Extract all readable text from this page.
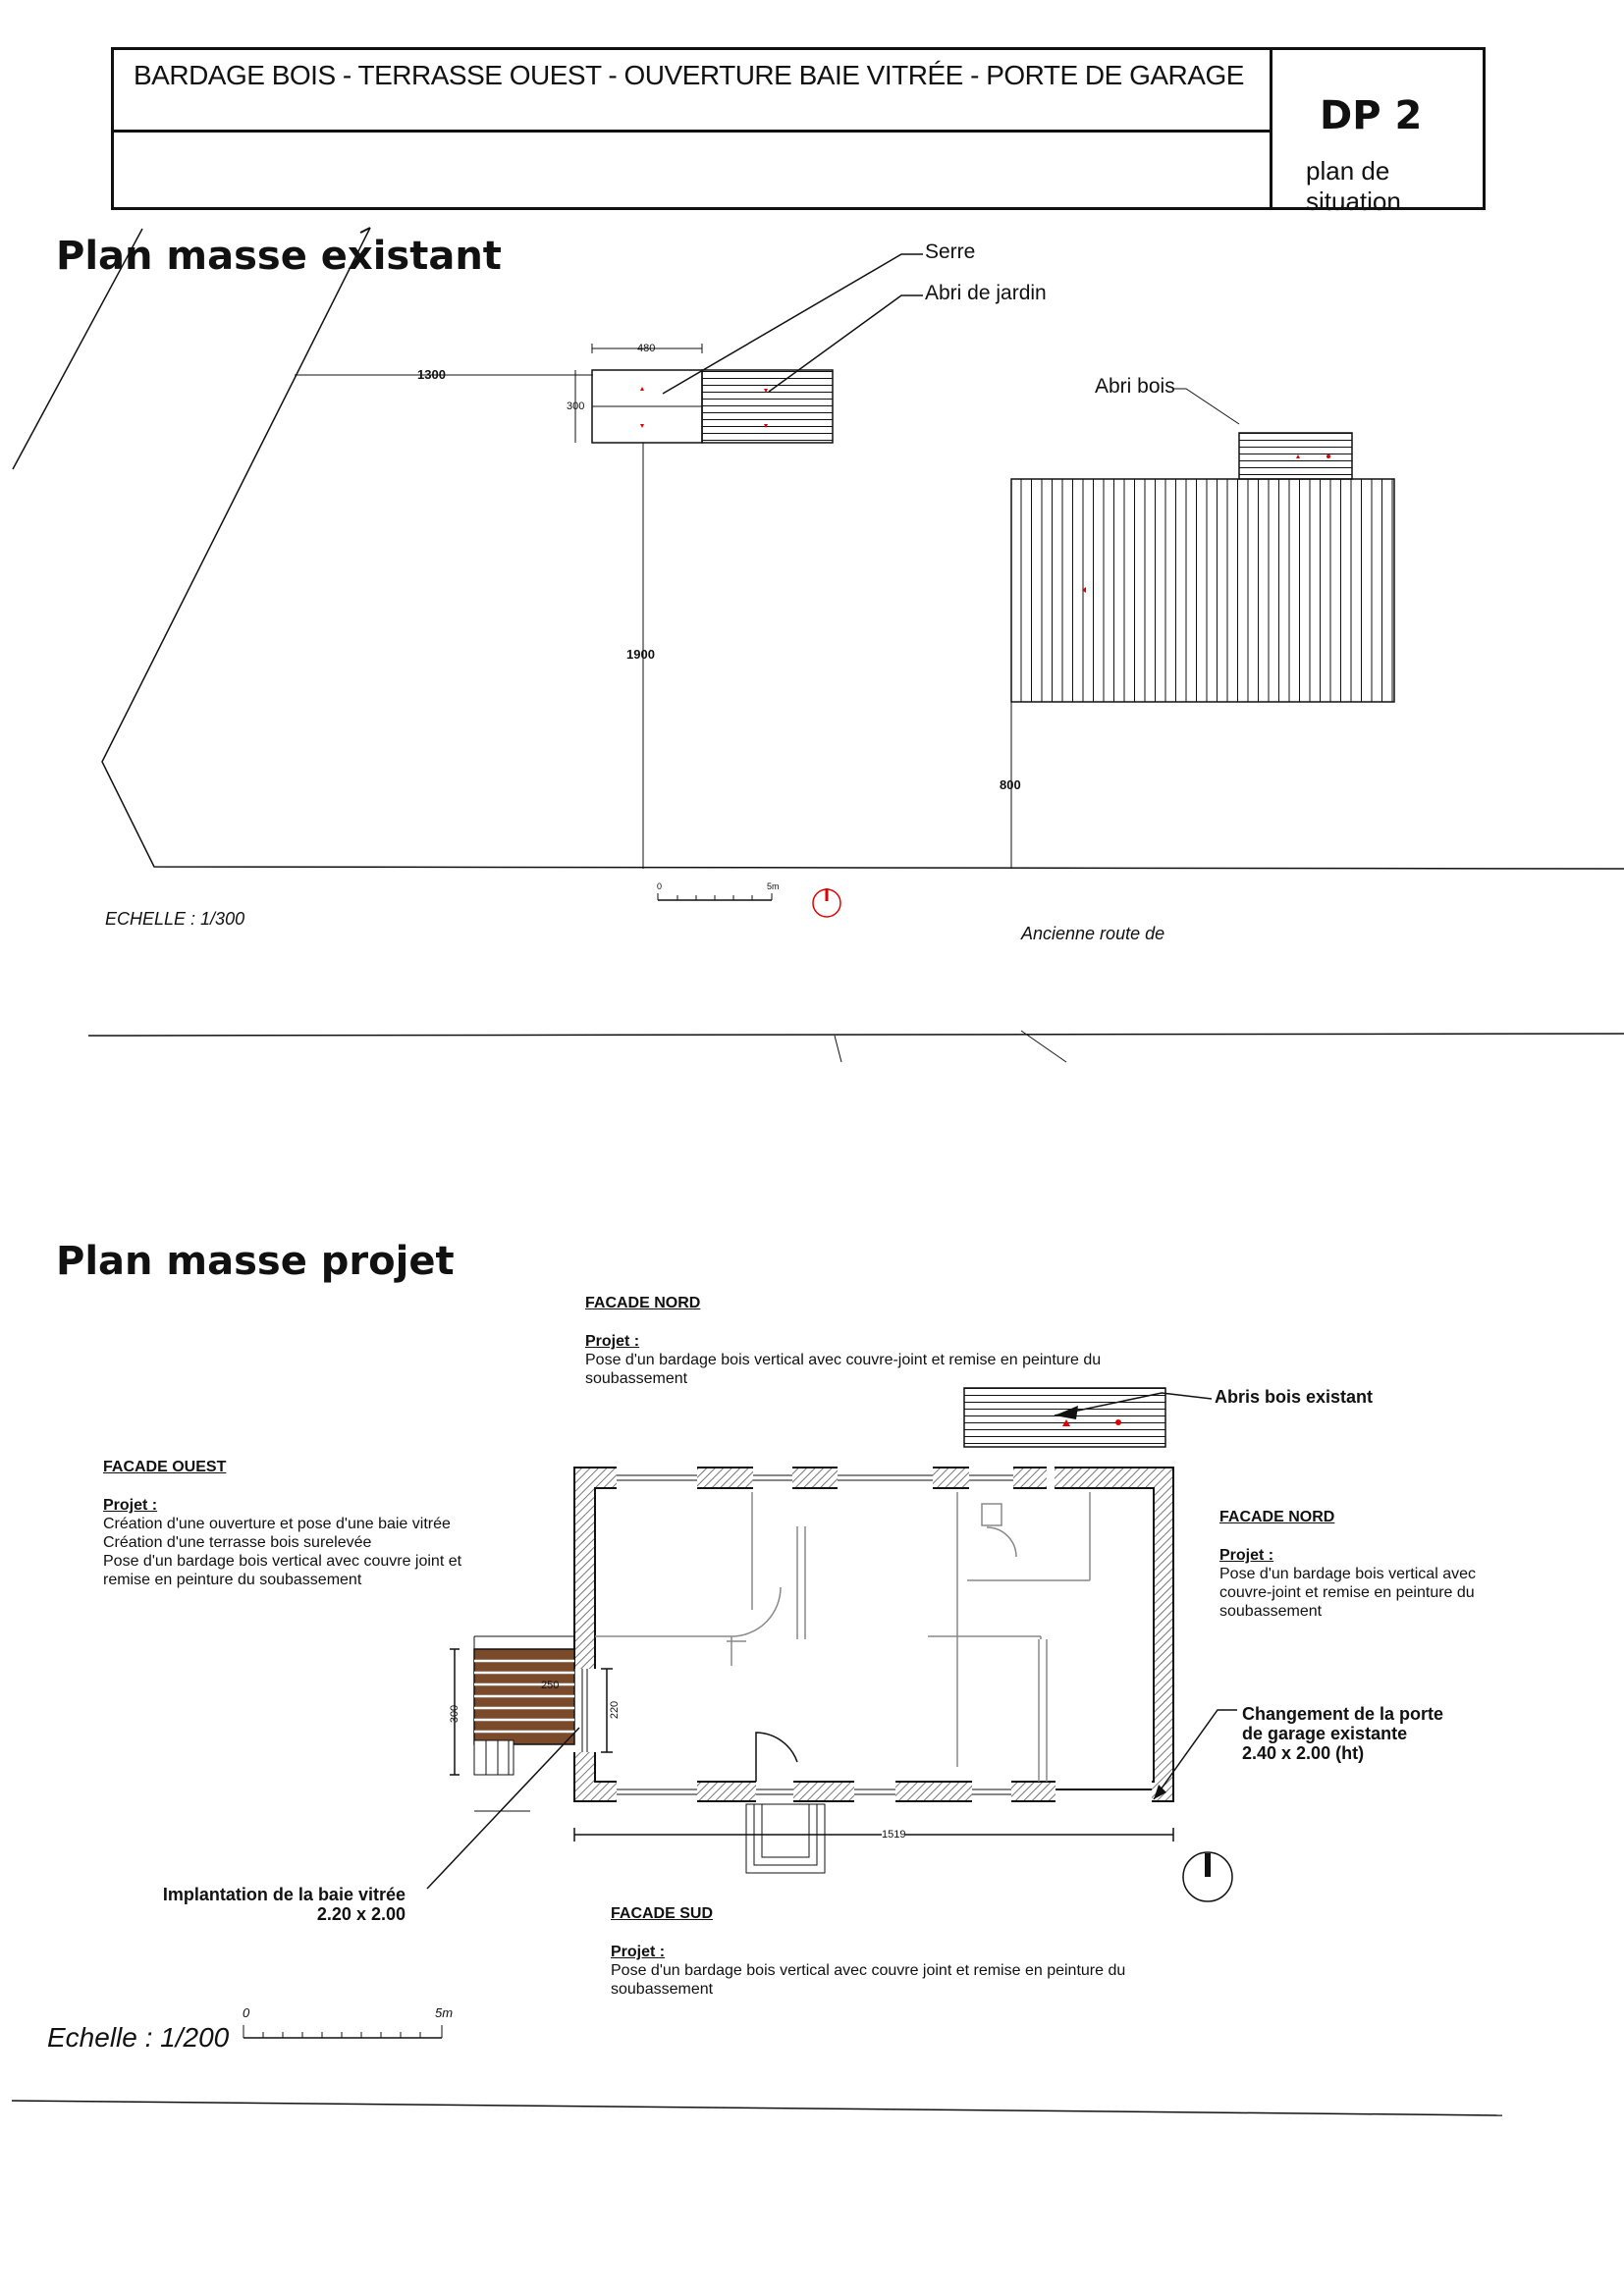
BARDAGE BOIS - TERRASSE OUEST - OUVERTURE BAIE VITRÉE - PORTE DE GARAGE
DP 2
plan de situation
Plan masse existant
Plan masse projet
Serre
Abri de jardin
Abri bois
480
300
1300
1900
800
0	5m
ECHELLE : 1/300
Ancienne route de
FACADE NORD
Projet :
Pose d'un bardage bois vertical avec couvre-joint et remise en peinture du
soubassement
FACADE OUEST
Projet :
Création d'une ouverture et pose d'une baie vitrée
Création d'une terrasse bois surelevée
Pose d'un bardage bois vertical avec couvre joint et
remise en peinture du soubassement
FACADE NORD
Projet :
Pose d'un bardage bois vertical avec
couvre-joint et remise en peinture du
soubassement
FACADE SUD
Projet :
Pose d'un bardage bois vertical avec couvre joint et remise en peinture du
soubassement
Abris bois existant
Changement de la porte
de garage existante
2.40 x 2.00 (ht)
Implantation de la baie vitrée
2.20 x 2.00
250
300	220
1519
0	5m
Echelle : 1/200
